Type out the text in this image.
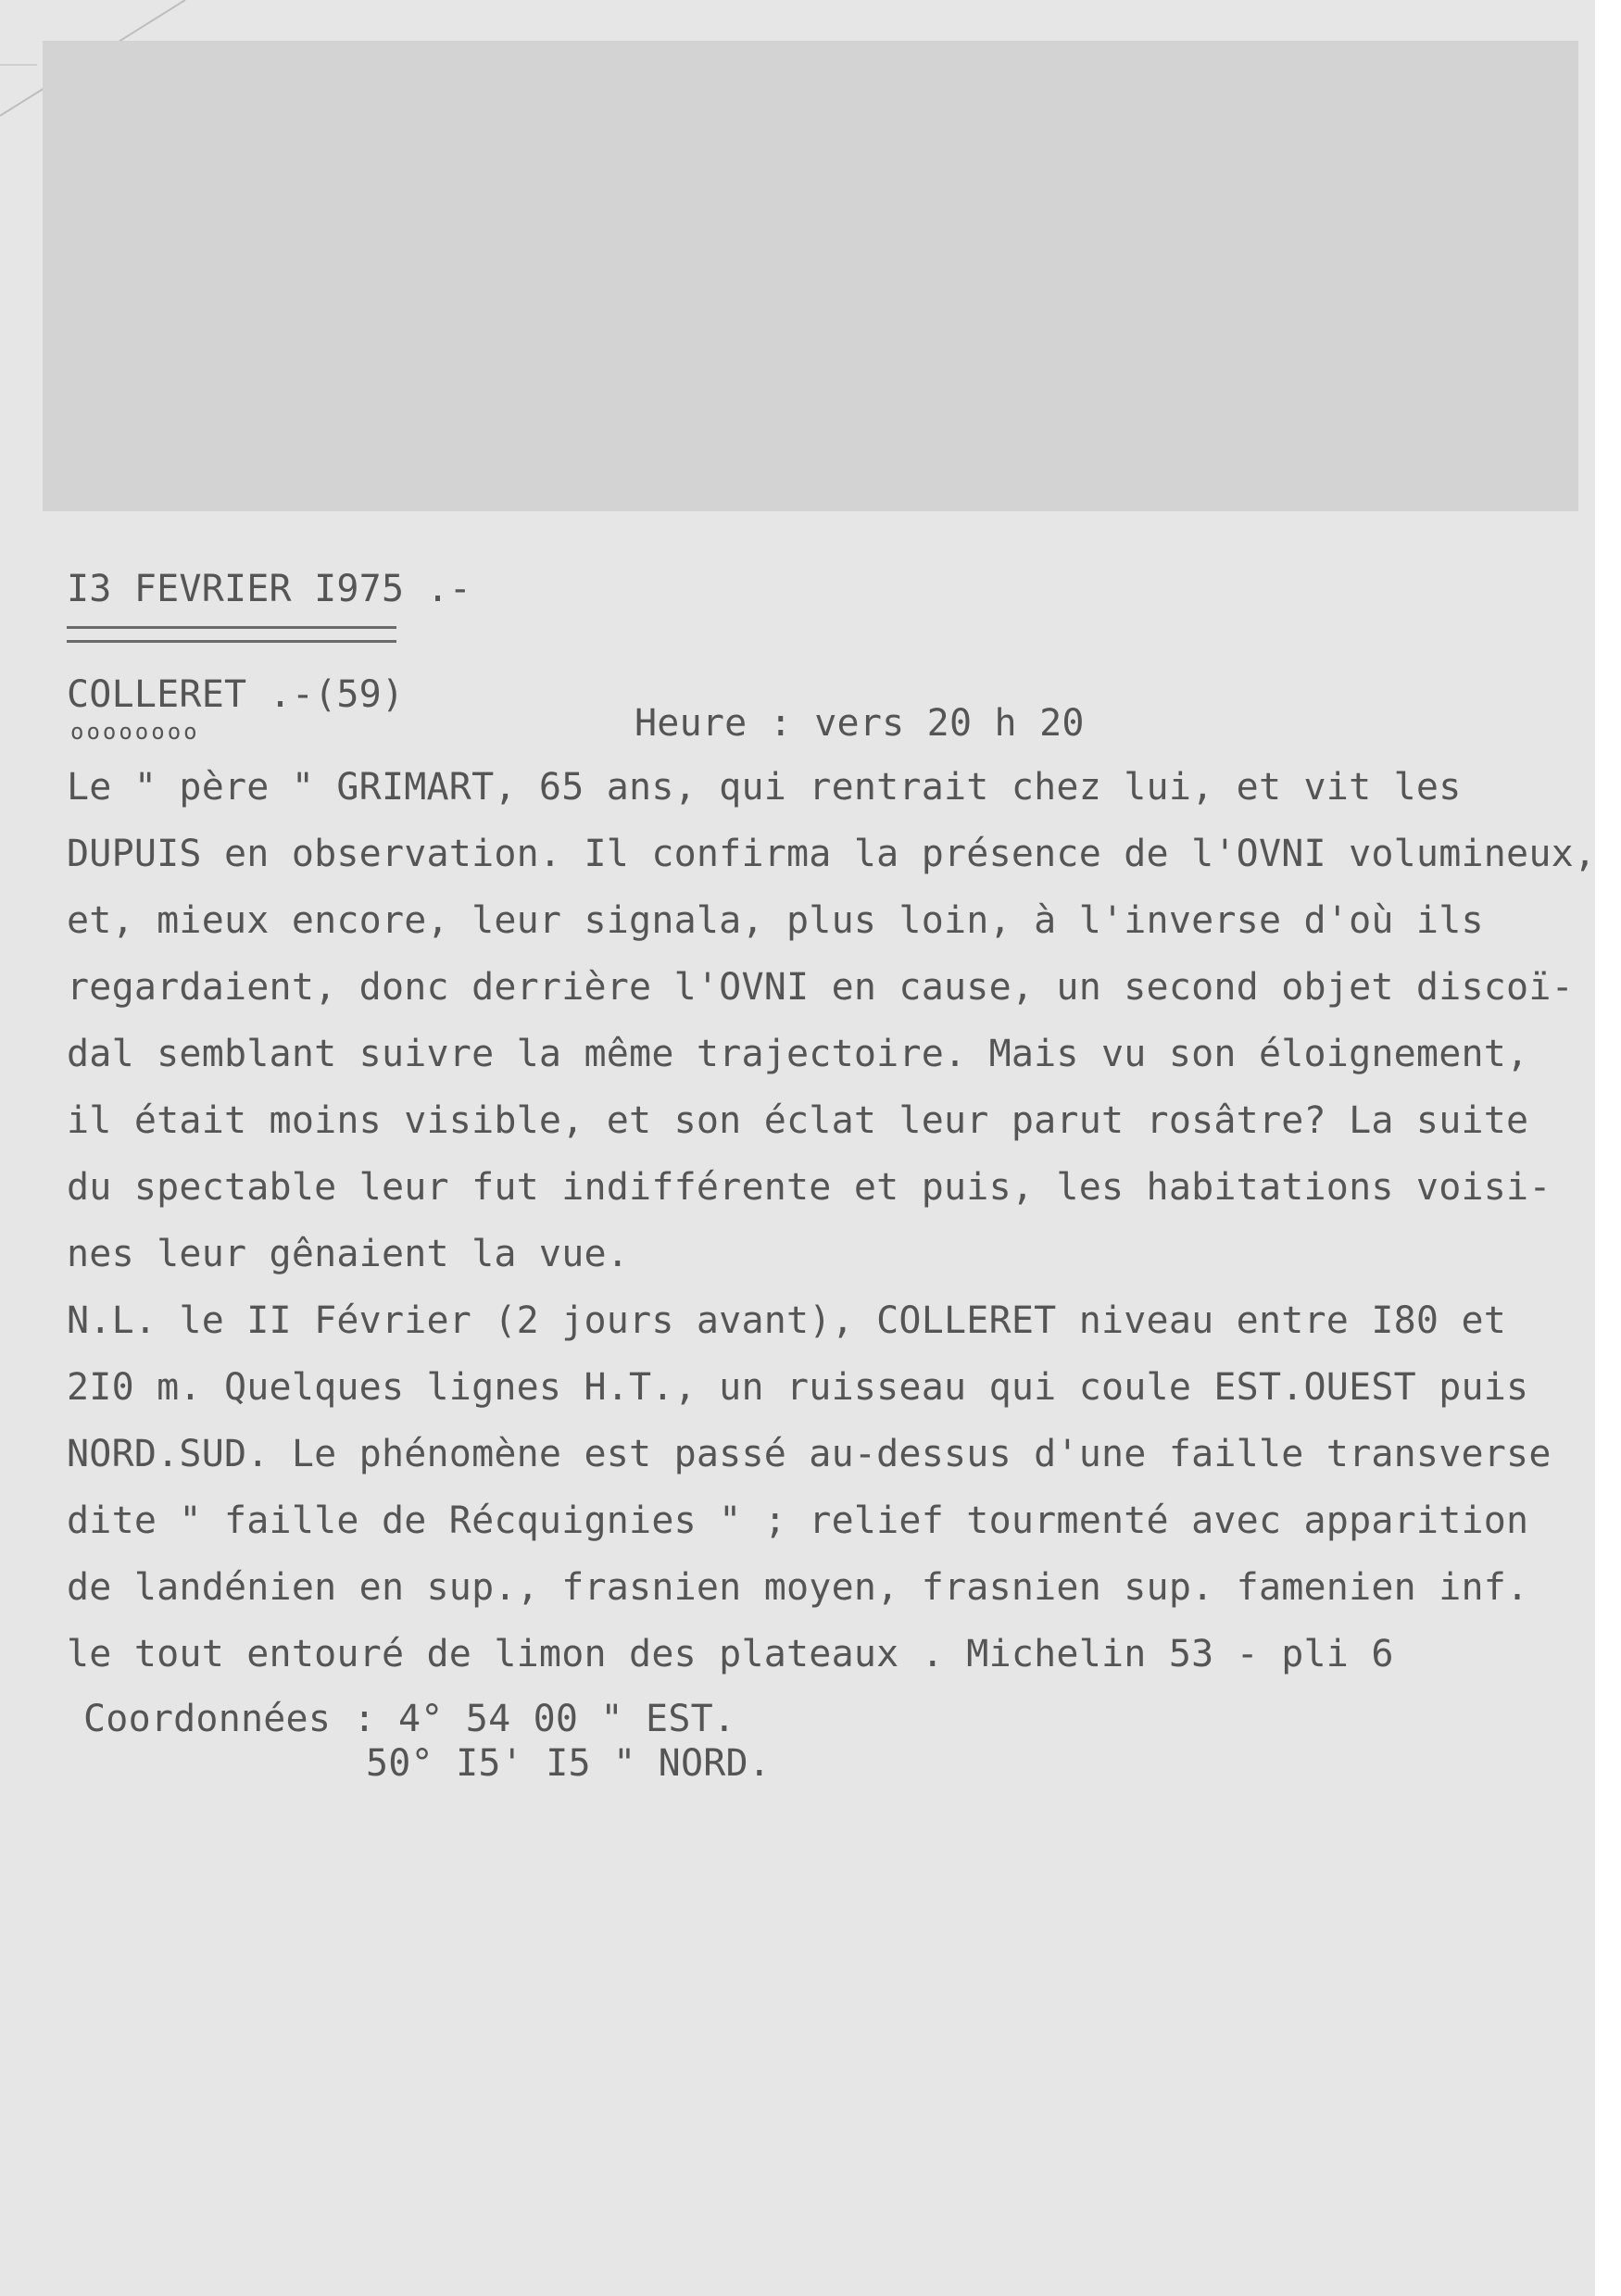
I3 FEVRIER I975 .-
COLLERET .-(59)
oooooooo	Heure : vers 20 h 20
Le " père " GRIMART, 65 ans, qui rentrait chez lui, et vit les
DUPUIS en observation. Il confirma la présence de l'OVNI volumineux,
et, mieux encore, leur signala, plus loin, à l'inverse d'où ils
regardaient, donc derrière l'OVNI en cause, un second objet discoï-
dal semblant suivre la même trajectoire. Mais vu son éloignement,
il était moins visible, et son éclat leur parut rosâtre? La suite
du spectable leur fut indifférente et puis, les habitations voisi-
nes leur gênaient la vue.
N.L. le II Février (2 jours avant), COLLERET niveau entre I80 et
2I0 m. Quelques lignes H.T., un ruisseau qui coule EST.OUEST puis
NORD.SUD. Le phénomène est passé au-dessus d'une faille transverse
dite " faille de Récquignies " ; relief tourmenté avec apparition
de landénien en sup., frasnien moyen, frasnien sup. famenien inf.
le tout entouré de limon des plateaux . Michelin 53 - pli 6
Coordonnées : 4° 54 00 " EST.
50° I5' I5 " NORD.
